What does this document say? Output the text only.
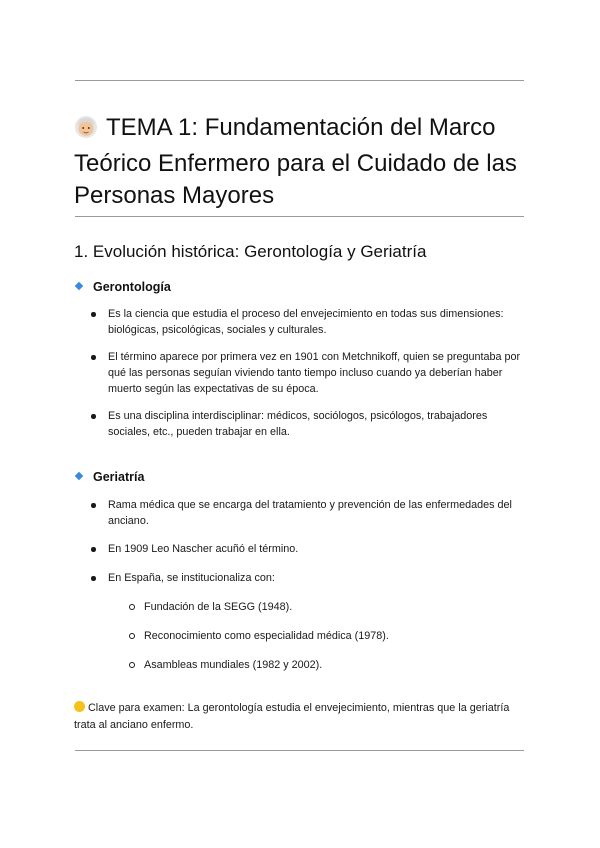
TEMA 1: Fundamentación del Marco Teórico Enfermero para el Cuidado de las Personas Mayores
1. Evolución histórica: Gerontología y Geriatría
Gerontología
Es la ciencia que estudia el proceso del envejecimiento en todas sus dimensiones: biológicas, psicológicas, sociales y culturales.
El término aparece por primera vez en 1901 con Metchnikoff, quien se preguntaba por qué las personas seguían viviendo tanto tiempo incluso cuando ya deberían haber muerto según las expectativas de su época.
Es una disciplina interdisciplinar: médicos, sociólogos, psicólogos, trabajadores sociales, etc., pueden trabajar en ella.
Geriatría
Rama médica que se encarga del tratamiento y prevención de las enfermedades del anciano.
En 1909 Leo Nascher acuñó el término.
En España, se institucionaliza con:
Fundación de la SEGG (1948).
Reconocimiento como especialidad médica (1978).
Asambleas mundiales (1982 y 2002).
Clave para examen: La gerontología estudia el envejecimiento, mientras que la geriatría trata al anciano enfermo.
